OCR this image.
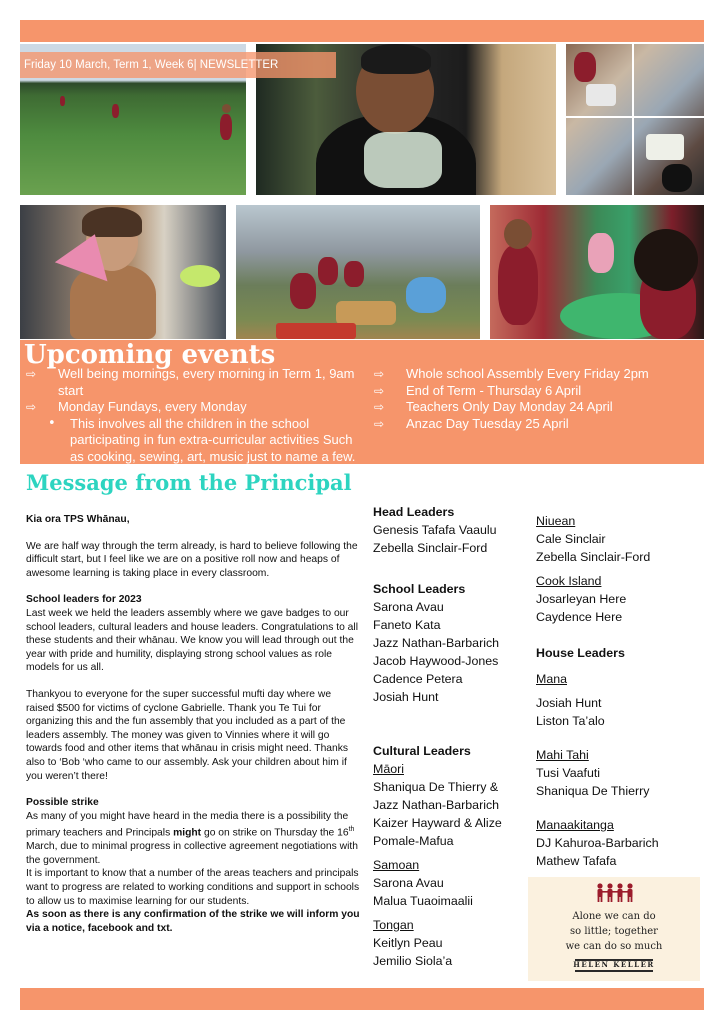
Friday 10 March, Term 1, Week 6| NEWSLETTER
Upcoming events
⇨ Well being mornings, every morning in Term 1, 9am start
⇨ Monday Fundays, every Monday
• This involves all the children in the school participating in fun extra-curricular activities Such as cooking, sewing, art, music just to name a few.
⇨ Whole school Assembly Every Friday 2pm
⇨ End of Term - Thursday 6 April
⇨ Teachers Only Day Monday 24 April
⇨ Anzac Day Tuesday 25 April
Message from the Principal

Kia ora TPS Whānau,

We are half way through the term already, is hard to believe following the difficult start, but I feel like we are on a positive roll now and heaps of awesome learning is taking place in every classroom.

School leaders for 2023

Last week we held the leaders assembly where we gave badges to our school leaders, cultural leaders and house leaders. Congratulations to all these students and their whānau. We know you will lead through out the year with pride and humility, displaying strong school values as role models for us all.

Thankyou to everyone for the super successful mufti day where we raised $500 for victims of cyclone Gabrielle. Thank you Te Tui for organizing this and the fun assembly that you included as a part of the leaders assembly. The money was given to Vinnies where it will go towards food and other items that whānau in crisis might need. Thanks also to ‘Bob ‘who came to our assembly. Ask your children about him if you weren’t there!

Possible strike

As many of you might have heard in the media there is a possibility the primary teachers and Principals might go on strike on Thursday the 16th March, due to minimal progress in collective agreement negotiations with the government.

It is important to know that a number of the areas teachers and principals want to progress are related to working conditions and support in schools to allow us to maximise learning for our students.

As soon as there is any confirmation of the strike we will inform you via a notice, facebook and txt.

Head Leaders
Genesis Tafafa Vaaulu
Zebella Sinclair-Ford
School Leaders
Sarona Avau
Faneto Kata
Jazz Nathan-Barbarich
Jacob Haywood-Jones
Cadence Petera
Josiah Hunt
Cultural Leaders
Māori
Shaniqua De Thierry &
Jazz Nathan-Barbarich
Kaizer Hayward & Alize
Pomale-Mafua
Samoan
Sarona Avau
Malua Tuaoimaalii
Tongan
Keitlyn Peau
Jemilio Siola’a
Niuean
Cale Sinclair
Zebella Sinclair-Ford
Cook Island
Josarleyan Here
Caydence Here
House Leaders
Mana
Josiah Hunt
Liston Ta’alo
Mahi Tahi
Tusi Vaafuti
Shaniqua De Thierry
Manaakitanga
DJ Kahuroa-Barbarich
Mathew Tafafa
Alone we can do
so little; together
we can do so much
HELEN KELLER
